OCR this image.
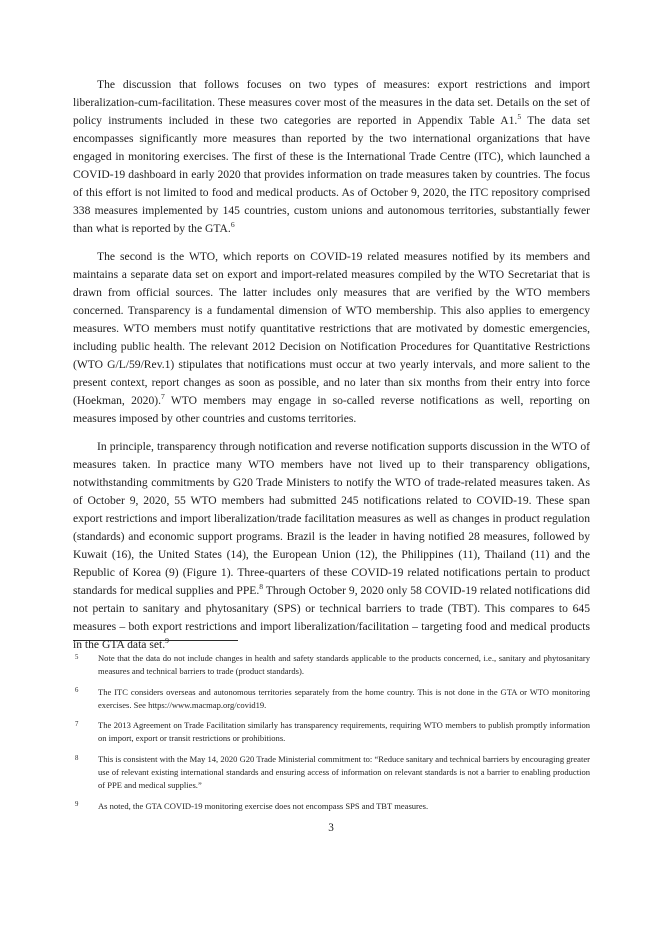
The discussion that follows focuses on two types of measures: export restrictions and import liberalization-cum-facilitation. These measures cover most of the measures in the data set. Details on the set of policy instruments included in these two categories are reported in Appendix Table A1.$^5$ The data set encompasses significantly more measures than reported by the two international organizations that have engaged in monitoring exercises. The first of these is the International Trade Centre (ITC), which launched a COVID-19 dashboard in early 2020 that provides information on trade measures taken by countries. The focus of this effort is not limited to food and medical products. As of October 9, 2020, the ITC repository comprised 338 measures implemented by 145 countries, custom unions and autonomous territories, substantially fewer than what is reported by the GTA.$^6$

The second is the WTO, which reports on COVID-19 related measures notified by its members and maintains a separate data set on export and import-related measures compiled by the WTO Secretariat that is drawn from official sources. The latter includes only measures that are verified by the WTO members concerned. Transparency is a fundamental dimension of WTO membership. This also applies to emergency measures. WTO members must notify quantitative restrictions that are motivated by domestic emergencies, including public health. The relevant 2012 Decision on Notification Procedures for Quantitative Restrictions (WTO G/L/59/Rev.1) stipulates that notifications must occur at two yearly intervals, and more salient to the present context, report changes as soon as possible, and no later than six months from their entry into force (Hoekman, 2020).$^7$ WTO members may engage in so-called reverse notifications as well, reporting on measures imposed by other countries and customs territories.

In principle, transparency through notification and reverse notification supports discussion in the WTO of measures taken. In practice many WTO members have not lived up to their transparency obligations, notwithstanding commitments by G20 Trade Ministers to notify the WTO of trade-related measures taken. As of October 9, 2020, 55 WTO members had submitted 245 notifications related to COVID-19. These span export restrictions and import liberalization/trade facilitation measures as well as changes in product regulation (standards) and economic support programs. Brazil is the leader in having notified 28 measures, followed by Kuwait (16), the United States (14), the European Union (12), the Philippines (11), Thailand (11) and the Republic of Korea (9) (Figure 1). Three-quarters of these COVID-19 related notifications pertain to product standards for medical supplies and PPE.$^8$ Through October 9, 2020 only 58 COVID-19 related notifications did not pertain to sanitary and phytosanitary (SPS) or technical barriers to trade (TBT). This compares to 645 measures – both export restrictions and import liberalization/facilitation – targeting food and medical products in the GTA data set.$^9$

5 Note that the data do not include changes in health and safety standards applicable to the products concerned, i.e., sanitary and phytosanitary measures and technical barriers to trade (product standards).
6 The ITC considers overseas and autonomous territories separately from the home country. This is not done in the GTA or WTO monitoring exercises. See https://www.macmap.org/covid19.
7 The 2013 Agreement on Trade Facilitation similarly has transparency requirements, requiring WTO members to publish promptly information on import, export or transit restrictions or prohibitions.
8 This is consistent with the May 14, 2020 G20 Trade Ministerial commitment to: “Reduce sanitary and technical barriers by encouraging greater use of relevant existing international standards and ensuring access of information on relevant standards is not a barrier to enabling production of PPE and medical supplies.”
9 As noted, the GTA COVID-19 monitoring exercise does not encompass SPS and TBT measures.
3
